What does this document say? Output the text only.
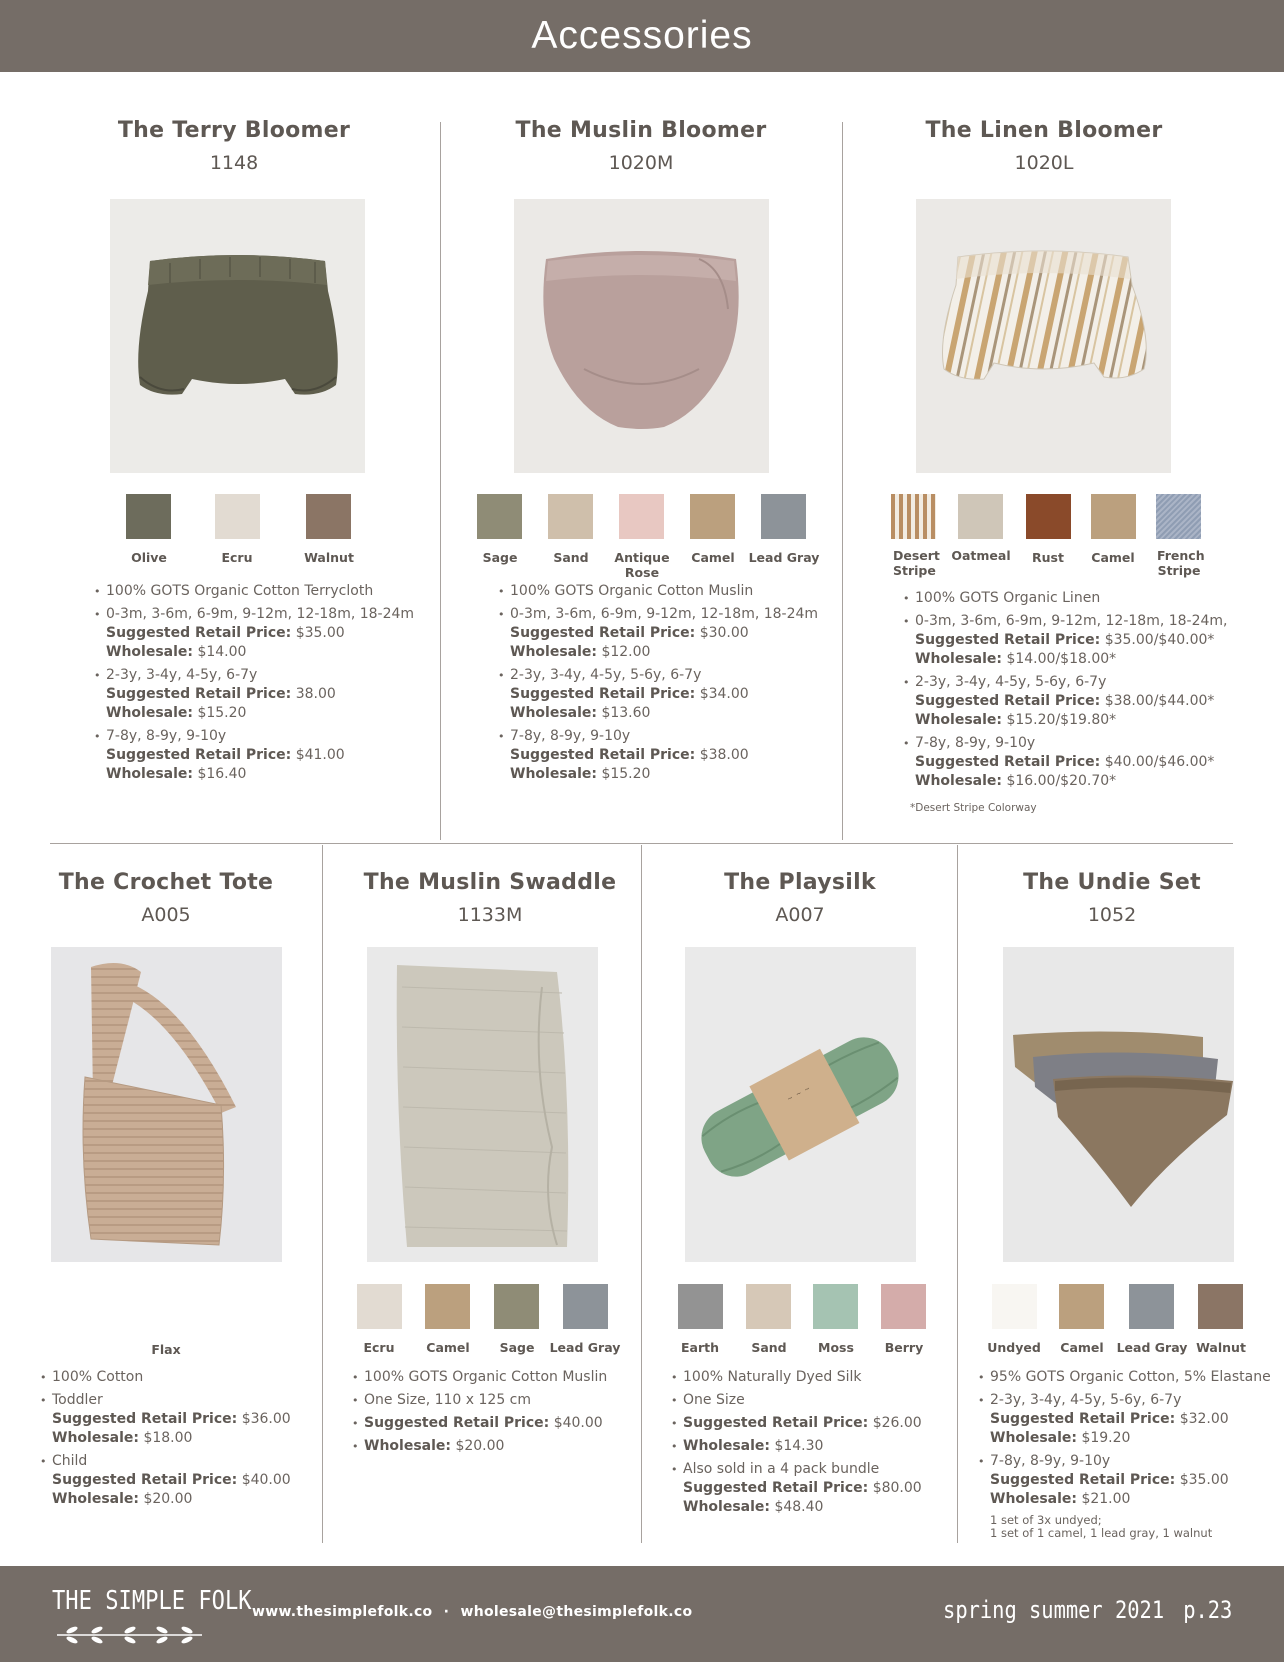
Accessories
The Terry Bloomer
1148
Olive	Ecru	Walnut
• 100% GOTS Organic Cotton Terrycloth
• 0-3m, 3-6m, 6-9m, 9-12m, 12-18m, 18-24m
Suggested Retail Price: $35.00
Wholesale: $14.00
• 2-3y, 3-4y, 4-5y, 6-7y
Suggested Retail Price: 38.00
Wholesale: $15.20
• 7-8y, 8-9y, 9-10y
Suggested Retail Price: $41.00
Wholesale: $16.40
The Muslin Bloomer
1020M
Sage	Sand	Antique Rose
Camel	Lead Gray
• 100% GOTS Organic Cotton Muslin
• 0-3m, 3-6m, 6-9m, 9-12m, 12-18m, 18-24m
Suggested Retail Price: $30.00
Wholesale: $12.00
• 2-3y, 3-4y, 4-5y, 5-6y, 6-7y
Suggested Retail Price: $34.00
Wholesale: $13.60
• 7-8y, 8-9y, 9-10y
Suggested Retail Price: $38.00
Wholesale: $15.20
The Linen Bloomer
1020L
Desert Stripe
Oatmeal	Rust	Camel	French Stripe
• 100% GOTS Organic Linen
• 0-3m, 3-6m, 6-9m, 9-12m, 12-18m, 18-24m,
Suggested Retail Price: $35.00/$40.00*
Wholesale: $14.00/$18.00*
• 2-3y, 3-4y, 4-5y, 5-6y, 6-7y
Suggested Retail Price: $38.00/$44.00*
Wholesale: $15.20/$19.80*
• 7-8y, 8-9y, 9-10y
Suggested Retail Price: $40.00/$46.00*
Wholesale: $16.00/$20.70*
*Desert Stripe Colorway
The Crochet Tote
A005
Flax
• 100% Cotton
• Toddler
Suggested Retail Price: $36.00
Wholesale: $18.00
• Child
Suggested Retail Price: $40.00
Wholesale: $20.00
The Muslin Swaddle
1133M
Ecru	Camel	Sage	Lead Gray
• 100% GOTS Organic Cotton Muslin
• One Size, 110 x 125 cm
• Suggested Retail Price: $40.00
• Wholesale: $20.00
The Playsilk
A007
~ ~ ~
Earth	Sand	Moss	Berry
• 100% Naturally Dyed Silk
• One Size
• Suggested Retail Price: $26.00
• Wholesale: $14.30
• Also sold in a 4 pack bundle
Suggested Retail Price: $80.00
Wholesale: $48.40
The Undie Set
1052
Undyed	Camel	Lead Gray Walnut
• 95% GOTS Organic Cotton, 5% Elastane
• 2-3y, 3-4y, 4-5y, 5-6y, 6-7y
Suggested Retail Price: $32.00
Wholesale: $19.20
• 7-8y, 8-9y, 9-10y
Suggested Retail Price: $35.00
Wholesale: $21.00
1 set of 3x undyed;
1 set of 1 camel, 1 lead gray, 1 walnut
THE SIMPLE FOLK www.thesimplefolk.co · wholesale@thesimplefolk.co	spring summer 2021 p.23
